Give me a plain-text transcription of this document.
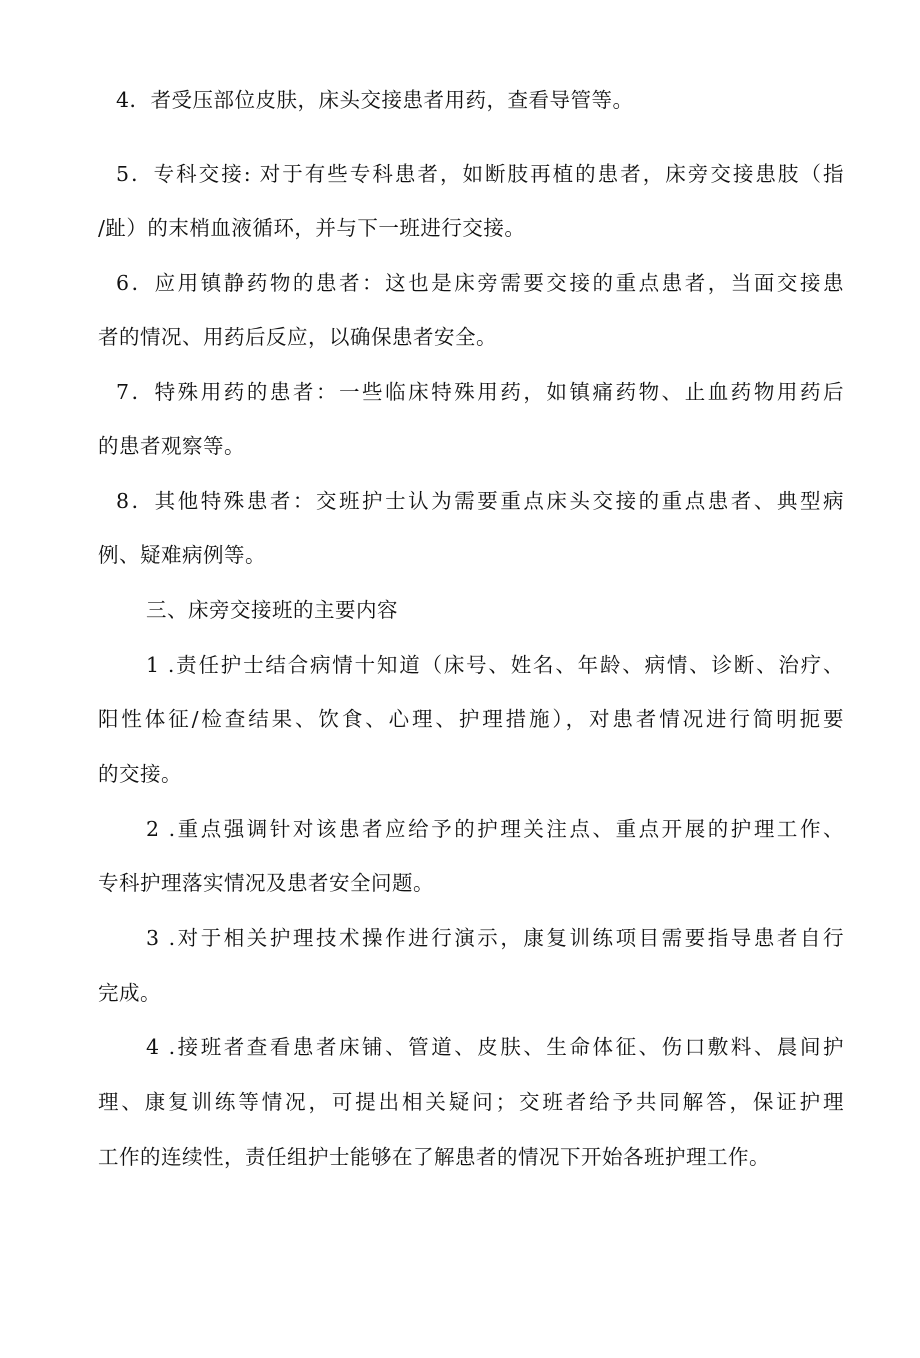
4．者受压部位皮肤，床头交接患者用药，查看导管等。
5．专科交接: 对于有些专科患者，如断肢再植的患者，床旁交接患肢（指
/趾）的末梢血液循环，并与下一班进行交接。
6．应用镇静药物的患者：这也是床旁需要交接的重点患者，当面交接患
者的情况、用药后反应，以确保患者安全。
7．特殊用药的患者：一些临床特殊用药，如镇痛药物、止血药物用药后
的患者观察等。
8．其他特殊患者：交班护士认为需要重点床头交接的重点患者、典型病
例、疑难病例等。
三、床旁交接班的主要内容
1 .责任护士结合病情十知道（床号、姓名、年龄、病情、诊断、治疗、
阳性体征/检查结果、饮食、心理、护理措施），对患者情况进行简明扼要
的交接。
2 .重点强调针对该患者应给予的护理关注点、重点开展的护理工作、
专科护理落实情况及患者安全问题。
3 .对于相关护理技术操作进行演示，康复训练项目需要指导患者自行
完成。
4 .接班者查看患者床铺、管道、皮肤、生命体征、伤口敷料、晨间护
理、康复训练等情况，可提出相关疑问；交班者给予共同解答，保证护理
工作的连续性，责任组护士能够在了解患者的情况下开始各班护理工作。
